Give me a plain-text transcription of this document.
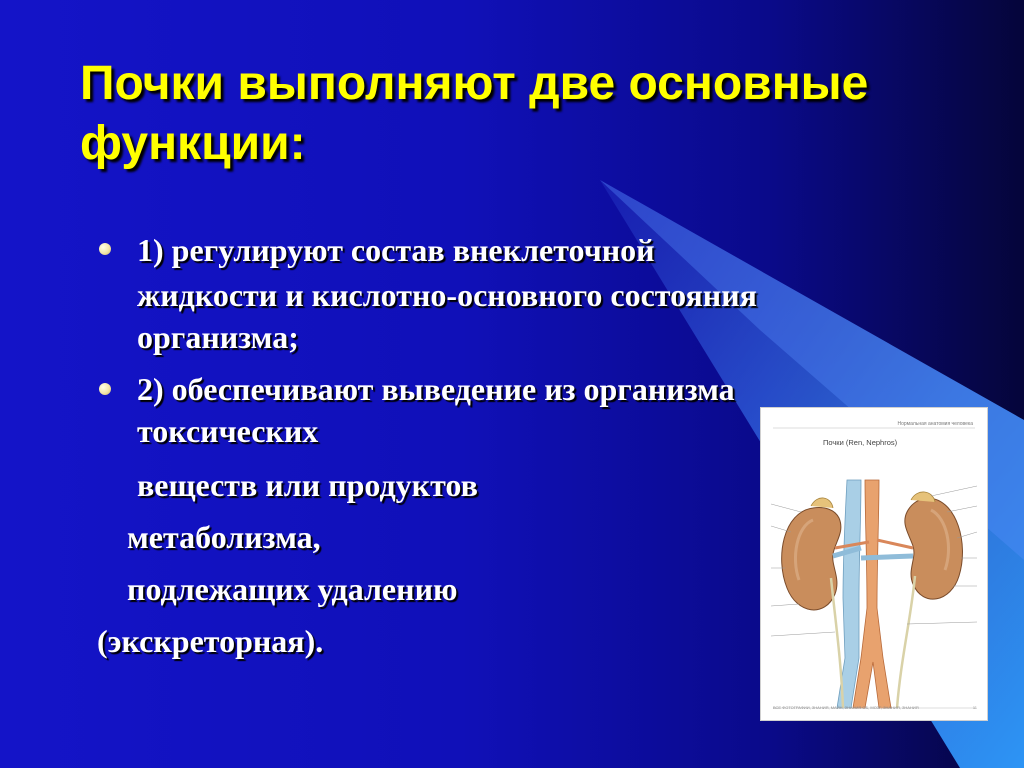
Почки выполняют две основные
функции:
1) регулируют состав внеклеточной
жидкости и кислотно-основного состояния
организма;
2) обеспечивают выведение из организма
токсических
веществ или продуктов
метаболизма,
подлежащих удалению
(экскреторная).
Нормальная анатомия человека
Почки (Ren, Nephros)
ВСЕ ФОТОГРАФИИ, ЗНАНИЯ, МАЙН, ЗНАНИЯ ОБ, МОЗГ, ЗНАНИЯ, ЗНАНИЯ	11
